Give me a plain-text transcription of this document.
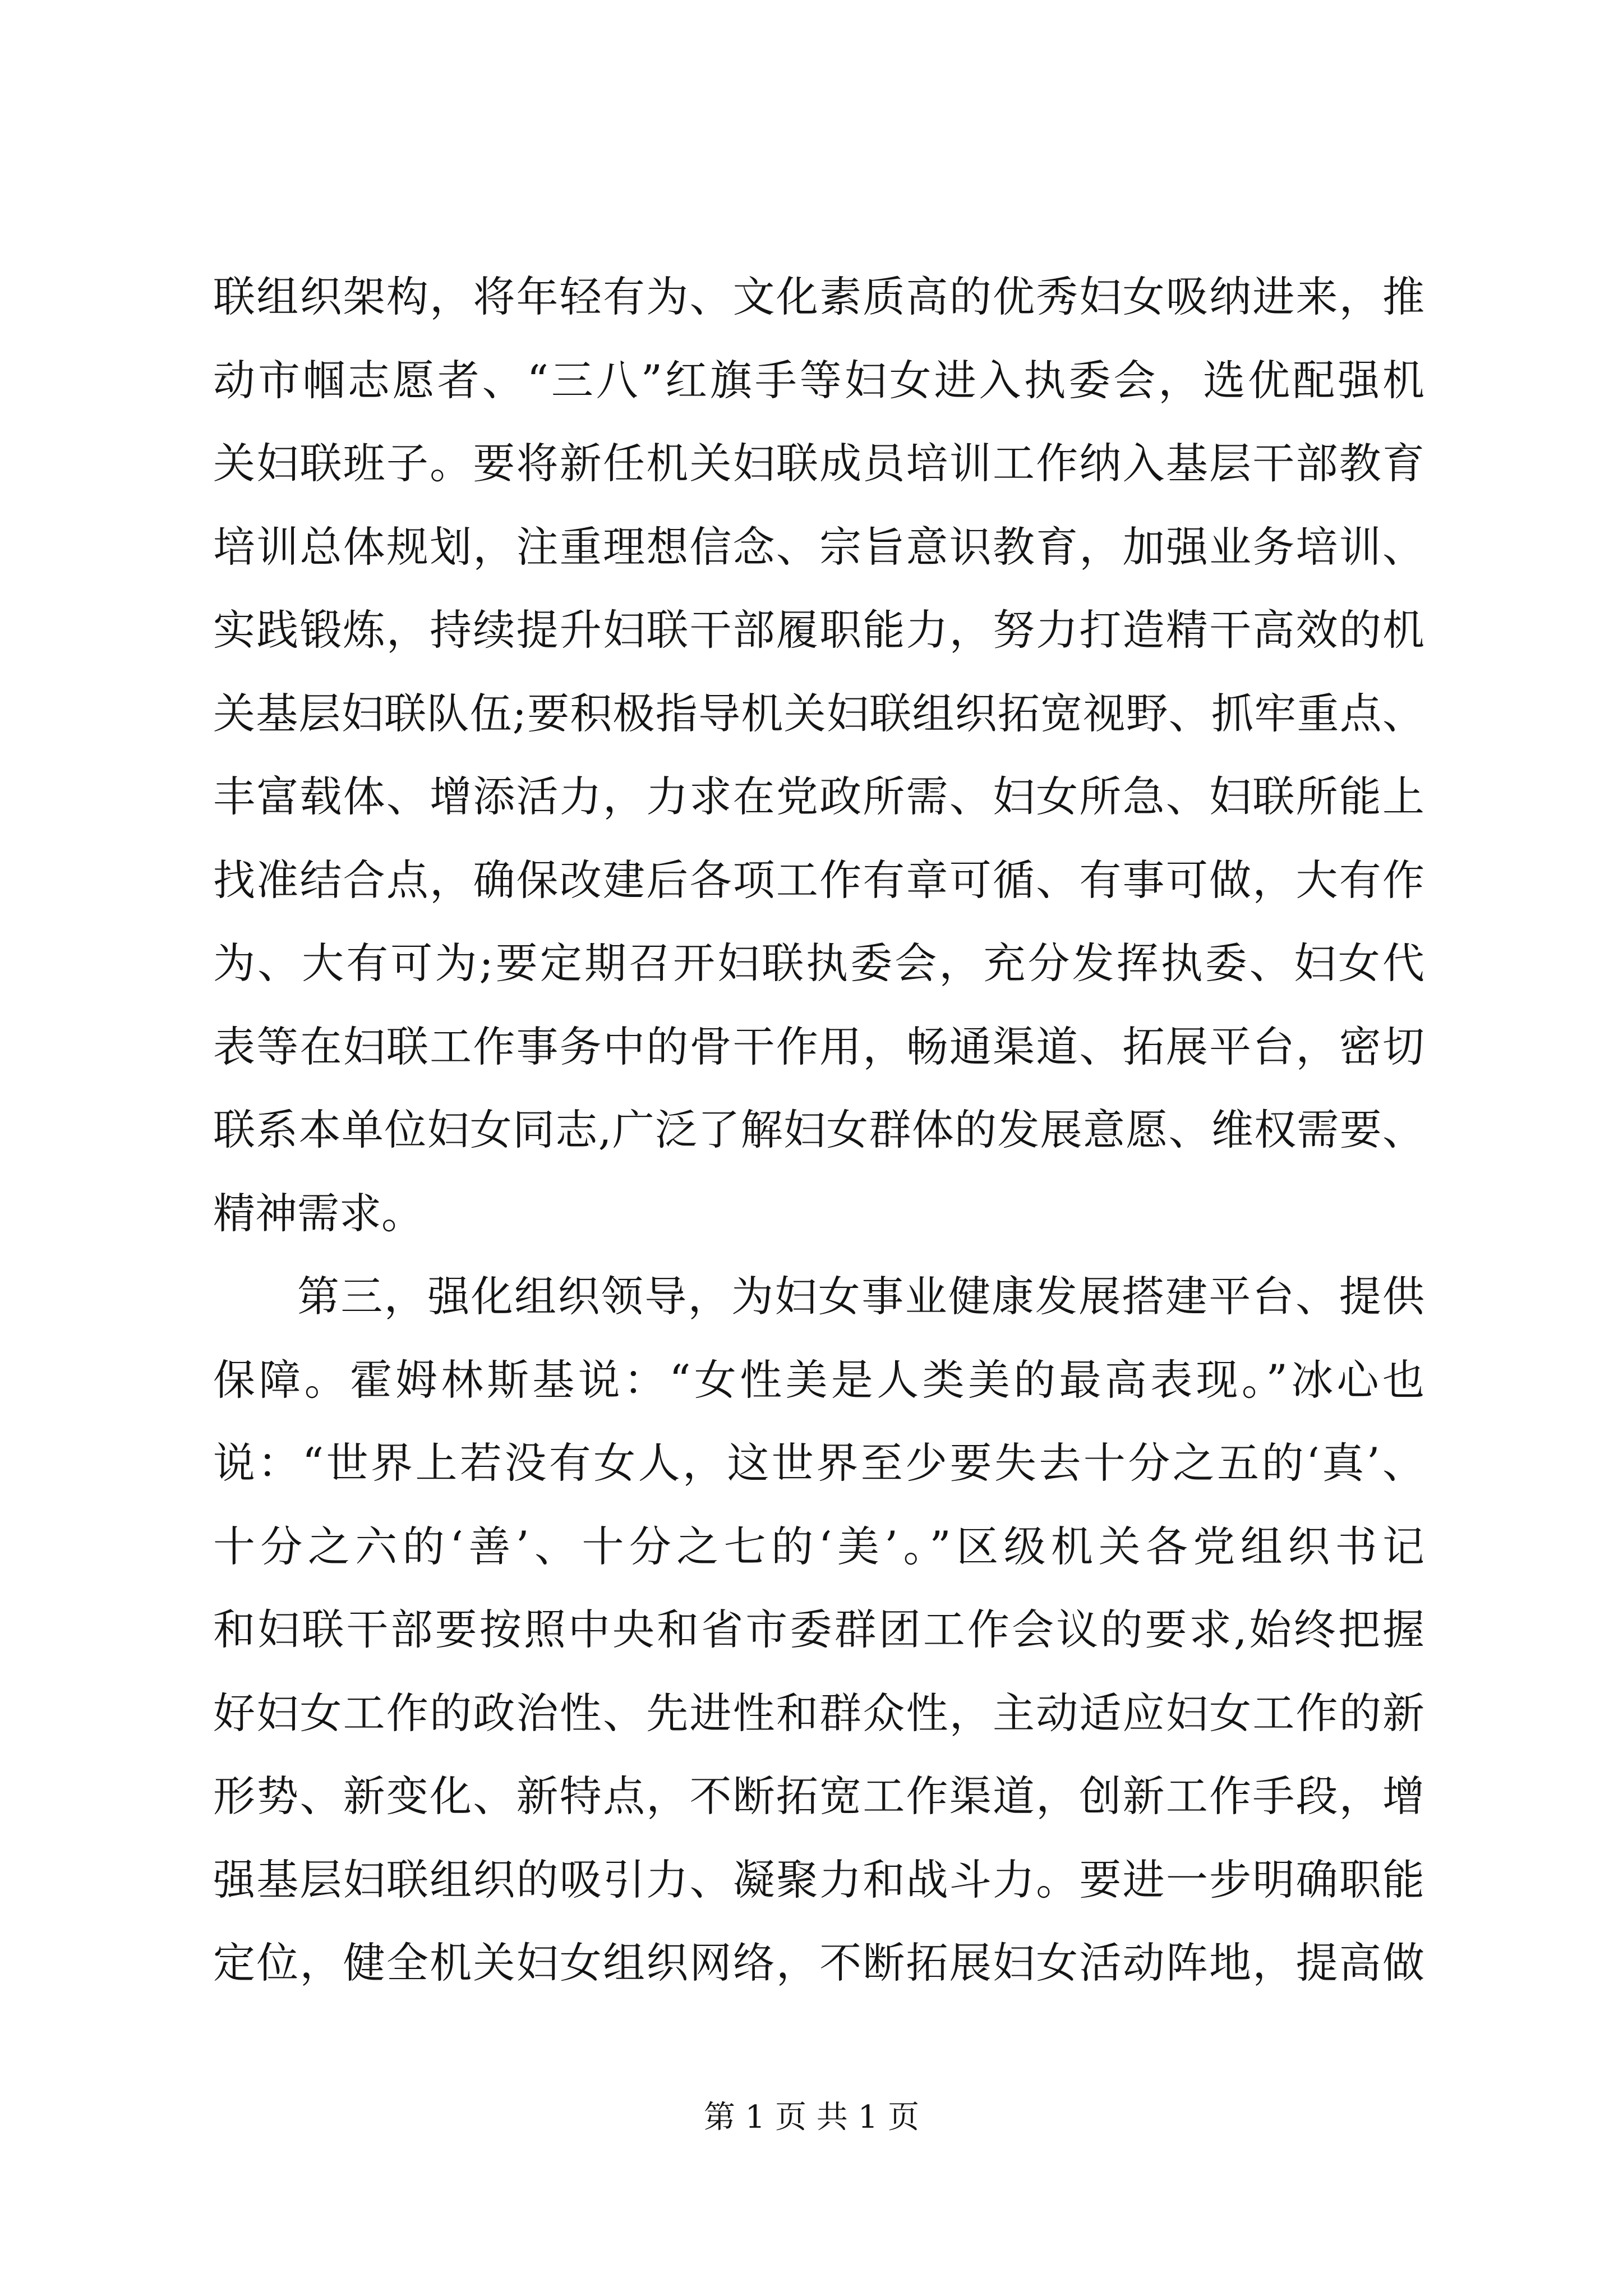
联组织架构，将年轻有为、文化素质高的优秀妇女吸纳进来，推
动市帼志愿者、“三八”红旗手等妇女进入执委会，选优配强机
关妇联班子。要将新任机关妇联成员培训工作纳入基层干部教育
培训总体规划，注重理想信念、宗旨意识教育，加强业务培训、
实践锻炼，持续提升妇联干部履职能力，努力打造精干高效的机
关基层妇联队伍;要积极指导机关妇联组织拓宽视野、抓牢重点、
丰富载体、增添活力，力求在党政所需、妇女所急、妇联所能上
找准结合点，确保改建后各项工作有章可循、有事可做，大有作
为、大有可为;要定期召开妇联执委会，充分发挥执委、妇女代
表等在妇联工作事务中的骨干作用，畅通渠道、拓展平台，密切
联系本单位妇女同志,广泛了解妇女群体的发展意愿、维权需要、
精神需求。
第三，强化组织领导，为妇女事业健康发展搭建平台、提供
保障。霍姆林斯基说：“女性美是人类美的最高表现。”冰心也
说：“世界上若没有女人，这世界至少要失去十分之五的‘真’、
十分之六的‘善’、十分之七的‘美’。”区级机关各党组织书记
和妇联干部要按照中央和省市委群团工作会议的要求,始终把握
好妇女工作的政治性、先进性和群众性，主动适应妇女工作的新
形势、新变化、新特点，不断拓宽工作渠道，创新工作手段，增
强基层妇联组织的吸引力、凝聚力和战斗力。要进一步明确职能
定位，健全机关妇女组织网络，不断拓展妇女活动阵地，提高做
第 1 页 共 1 页
